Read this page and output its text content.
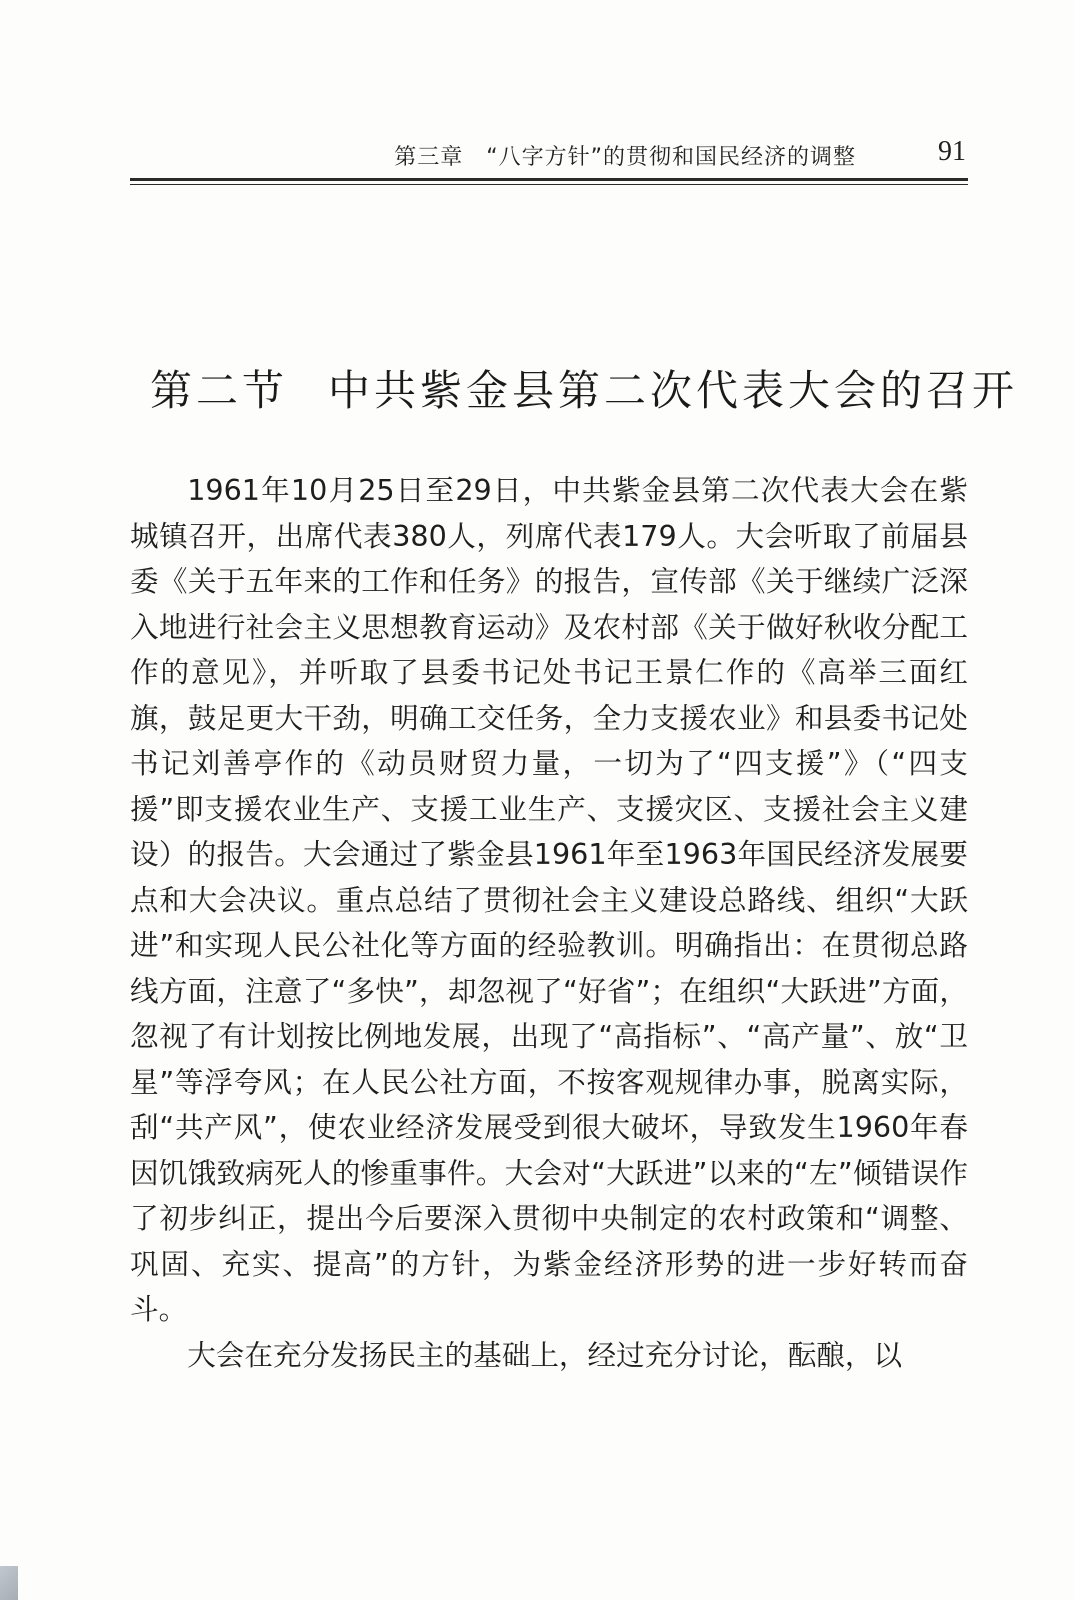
第三章　“八字方针”的贯彻和国民经济的调整	91
第二节 中共紫金县第二次代表大会的召开

1961年10月25日至29日，中共紫金县第二次代表大会在紫城镇召开，出席代表380人，列席代表179人。大会听取了前届县委《关于五年来的工作和任务》的报告，宣传部《关于继续广泛深入地进行社会主义思想教育运动》及农村部《关于做好秋收分配工作的意见》，并听取了县委书记处书记王景仁作的《高举三面红旗，鼓足更大干劲，明确工交任务，全力支援农业》和县委书记处书记刘善亭作的《动员财贸力量，一切为了“四支援”》（“四支援”即支援农业生产、支援工业生产、支援灾区、支援社会主义建设）的报告。大会通过了紫金县1961年至1963年国民经济发展要点和大会决议。重点总结了贯彻社会主义建设总路线、组织“大跃进”和实现人民公社化等方面的经验教训。明确指出：在贯彻总路线方面，注意了“多快”，却忽视了“好省”；在组织“大跃进”方面，忽视了有计划按比例地发展，出现了“高指标”、“高产量”、放“卫星”等浮夸风；在人民公社方面，不按客观规律办事，脱离实际，刮“共产风”，使农业经济发展受到很大破坏，导致发生1960年春因饥饿致病死人的惨重事件。大会对“大跃进”以来的“左”倾错误作了初步纠正，提出今后要深入贯彻中央制定的农村政策和“调整、巩固、充实、提高”的方针，为紫金经济形势的进一步好转而奋斗。

大会在充分发扬民主的基础上，经过充分讨论，酝酿，以
